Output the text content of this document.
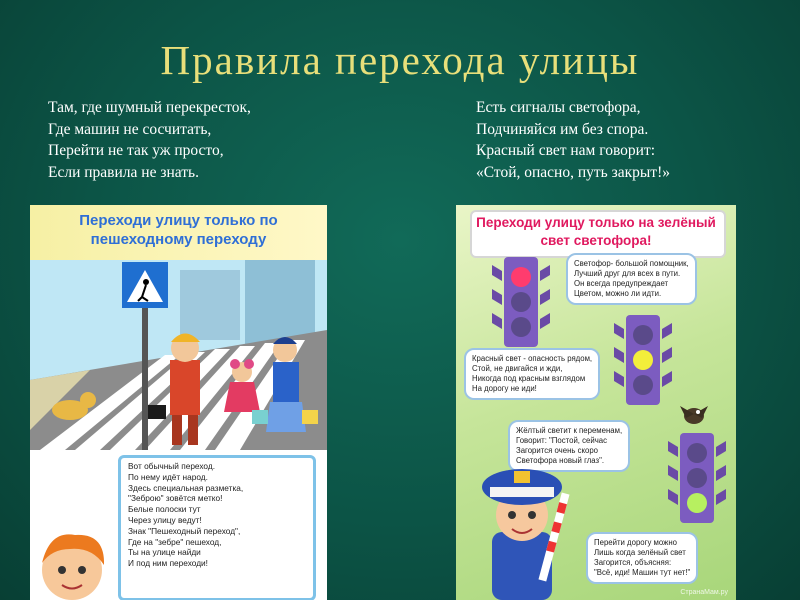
Правила перехода улицы
Там, где шумный перекресток,
Где машин не сосчитать,
Перейти не так уж просто,
Если правила не знать.
Есть сигналы светофора,
Подчиняйся им без спора.
Красный свет нам говорит:
«Стой, опасно, путь закрыт!»
Переходи улицу только по
пешеходному переходу
Вот обычный переход.
По нему идёт народ.
Здесь специальная разметка,
"Зеброю" зовётся метко!
Белые полоски тут
Через улицу ведут!
Знак "Пешеходный переход",
Где на "зебре" пешеход,
Ты на улице найди
И под ним переходи!
Переходи улицу только на зелёный
свет светофора!
Светофор- большой помощник,
Лучший друг для всех в пути.
Он всегда предупреждает
Цветом, можно ли идти.
Красный свет - опасность рядом,
Стой, не двигайся и жди,
Никогда под красным взглядом
На дорогу не иди!
Жёлтый светит к переменам,
Говорит: "Постой, сейчас
Загорится очень скоро
Светофора новый глаз".
Перейти дорогу можно
Лишь когда зелёный свет
Загорится, объясняя:
"Всё, иди! Машин тут нет!"
СтранаМам.ру
